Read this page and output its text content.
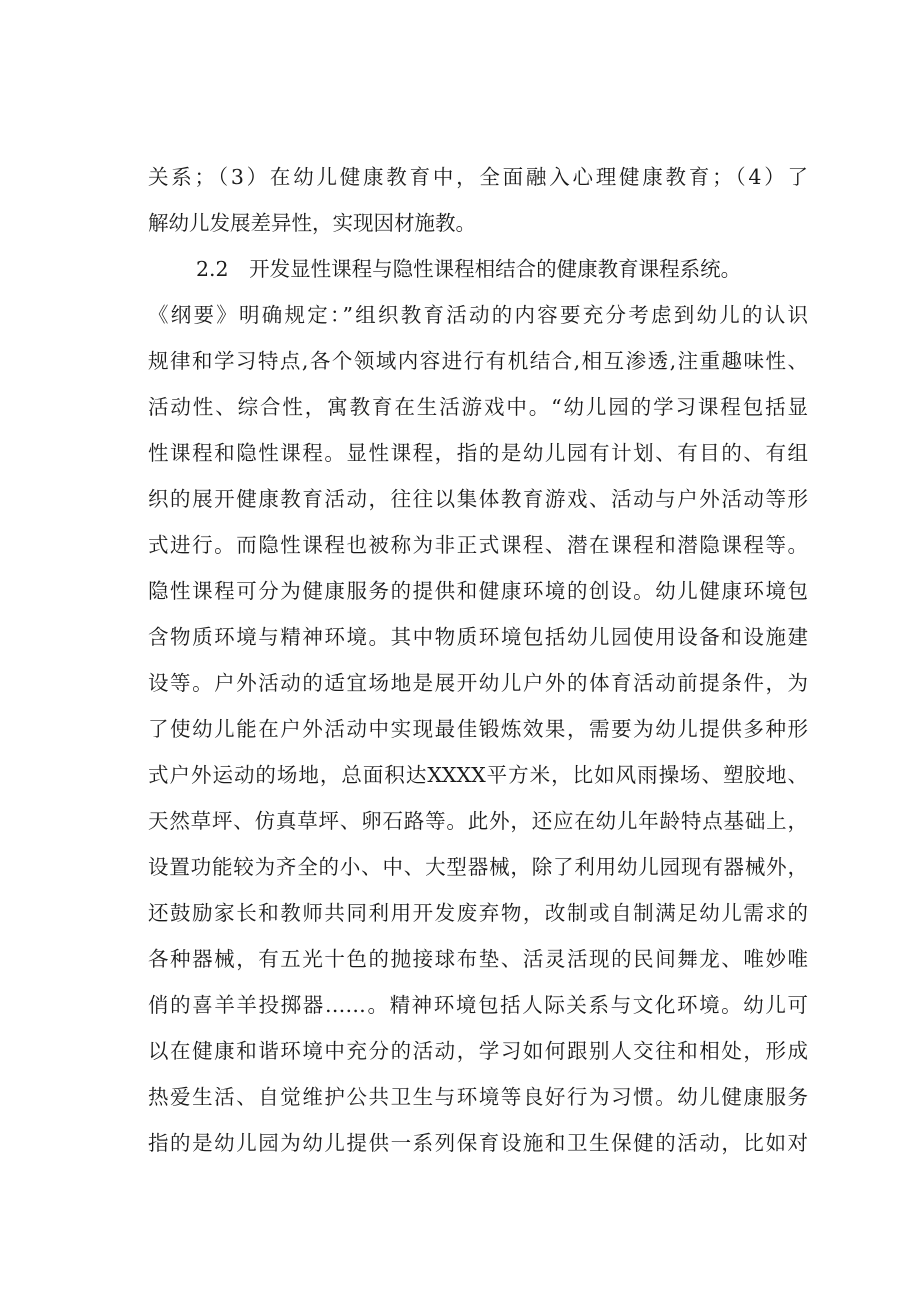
关系；（3）在幼儿健康教育中，全面融入心理健康教育；（4）了
解幼儿发展差异性，实现因材施教。
2.2　开发显性课程与隐性课程相结合的健康教育课程系统。
《纲要》明确规定：”组织教育活动的内容要充分考虑到幼儿的认识
规律和学习特点,各个领域内容进行有机结合,相互渗透,注重趣味性、
活动性、综合性，寓教育在生活游戏中。“幼儿园的学习课程包括显
性课程和隐性课程。显性课程，指的是幼儿园有计划、有目的、有组
织的展开健康教育活动，往往以集体教育游戏、活动与户外活动等形
式进行。而隐性课程也被称为非正式课程、潜在课程和潜隐课程等。
隐性课程可分为健康服务的提供和健康环境的创设。幼儿健康环境包
含物质环境与精神环境。其中物质环境包括幼儿园使用设备和设施建
设等。户外活动的适宜场地是展开幼儿户外的体育活动前提条件，为
了使幼儿能在户外活动中实现最佳锻炼效果，需要为幼儿提供多种形
式户外运动的场地，总面积达XXXX平方米，比如风雨操场、塑胶地、
天然草坪、仿真草坪、卵石路等。此外，还应在幼儿年龄特点基础上，
设置功能较为齐全的小、中、大型器械，除了利用幼儿园现有器械外，
还鼓励家长和教师共同利用开发废弃物，改制或自制满足幼儿需求的
各种器械，有五光十色的抛接球布垫、活灵活现的民间舞龙、唯妙唯
俏的喜羊羊投掷器……。精神环境包括人际关系与文化环境。幼儿可
以在健康和谐环境中充分的活动，学习如何跟别人交往和相处，形成
热爱生活、自觉维护公共卫生与环境等良好行为习惯。幼儿健康服务
指的是幼儿园为幼儿提供一系列保育设施和卫生保健的活动，比如对
